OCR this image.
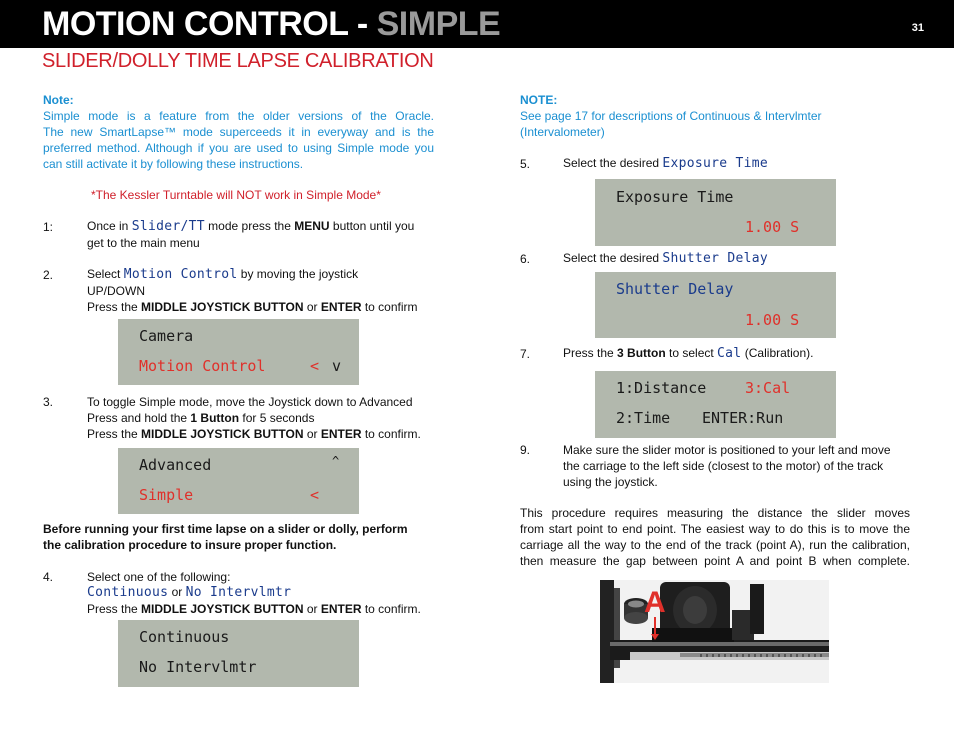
MOTION CONTROL - SIMPLE	31
SLIDER/DOLLY TIME LAPSE CALIBRATION
Note:
Simple mode is a feature from the older versions of the Oracle.
The new SmartLapse™ mode superceeds it in everyway and is the
preferred method. Although if you are used to using Simple mode you
can still activate it by following these instructions.
*The Kessler Turntable will NOT work in Simple Mode*
1:	Once in Slider/TT mode press the MENU button until you
get to the main menu
2.	Select Motion Control by moving the joystick
UP/DOWN
Press the MIDDLE JOYSTICK BUTTON or ENTER to confirm
Camera
Motion Control	< v
3.	To toggle Simple mode, move the Joystick down to Advanced
Press and hold the 1 Button for 5 seconds
Press the MIDDLE JOYSTICK BUTTON or ENTER to confirm.
Advanced	^
Simple	<
Before running your first time lapse on a slider or dolly, perform
the calibration procedure to insure proper function.
4.	Select one of the following:
Continuous or No Intervlmtr
Press the MIDDLE JOYSTICK BUTTON or ENTER to confirm.
Continuous
No Intervlmtr
NOTE:
See page 17 for descriptions of Continuous & Intervlmter
(Intervalometer)
5.	Select the desired Exposure Time
Exposure Time
1.00 S
6.	Select the desired Shutter Delay
Shutter Delay
1.00 S
7.	Press the 3 Button to select Cal (Calibration).
1:Distance	3:Cal
2:Time	ENTER:Run
9.	Make sure the slider motor is positioned to your left and move
the carriage to the left side (closest to the motor) of the track
using the joystick.
This procedure requires measuring the distance the slider moves
from start point to end point. The easiest way to do this is to move the
carriage all the way to the end of the track (point A), run the calibration,
then measure the gap between point A and point B when complete.
A
